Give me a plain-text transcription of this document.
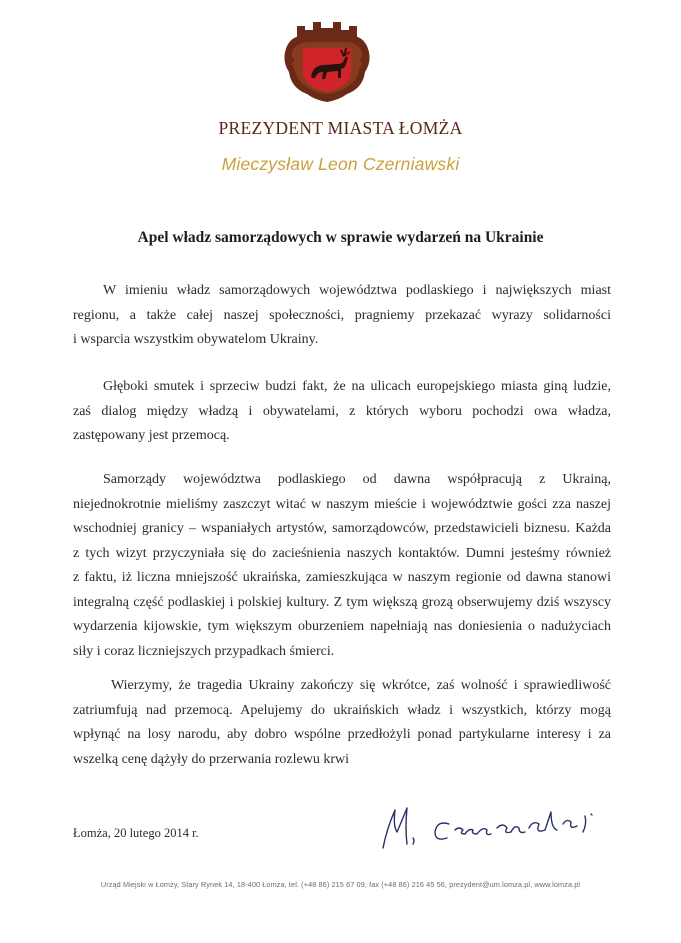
PREZYDENT MIASTA ŁOMŻA
Mieczysław Leon Czerniawski
Apel władz samorządowych w sprawie wydarzeń na Ukrainie
W imieniu władz samorządowych województwa podlaskiego i największych miast
regionu, a także całej naszej społeczności, pragniemy przekazać wyrazy solidarności
i wsparcia wszystkim obywatelom Ukrainy.
Głęboki smutek i sprzeciw budzi fakt, że na ulicach europejskiego miasta giną ludzie,
zaś dialog między władzą i obywatelami, z których wyboru pochodzi owa władza,
zastępowany jest przemocą.
Samorządy województwa podlaskiego od dawna współpracują z Ukrainą,
niejednokrotnie mieliśmy zaszczyt witać w naszym mieście i województwie gości zza naszej
wschodniej granicy – wspaniałych artystów, samorządowców, przedstawicieli biznesu. Każda
z tych wizyt przyczyniała się do zacieśnienia naszych kontaktów. Dumni jesteśmy również
z faktu, iż liczna mniejszość ukraińska, zamieszkująca w naszym regionie od dawna stanowi
integralną część podlaskiej i polskiej kultury. Z tym większą grozą obserwujemy dziś wszyscy
wydarzenia kijowskie, tym większym oburzeniem napełniają nas doniesienia o nadużyciach
siły i coraz liczniejszych przypadkach śmierci.
Wierzymy, że tragedia Ukrainy zakończy się wkrótce, zaś wolność i sprawiedliwość
zatriumfują nad przemocą. Apelujemy do ukraińskich władz i wszystkich, którzy mogą
wpłynąć na losy narodu, aby dobro wspólne przedłożyli ponad partykularne interesy i za
wszelką cenę dążyły do przerwania rozlewu krwi
Łomża, 20 lutego 2014 r.
Urząd Miejski w Łomży, Stary Rynek 14, 18-400 Łomża, tel. (+48 86) 215 67 09, fax (+48 86) 216 45 56, prezydent@um.lomza.pl, www.lomza.pl
